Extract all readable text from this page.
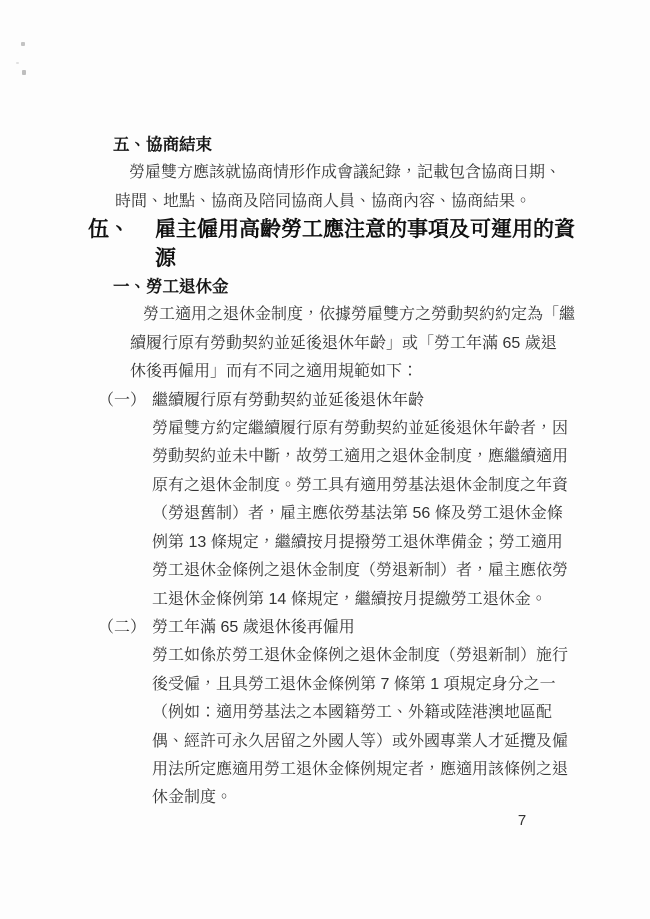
五、協商結束
勞雇雙方應該就協商情形作成會議紀錄，記載包含協商日期、
時間、地點、協商及陪同協商人員、協商內容、協商結果。
伍、	雇主僱用高齡勞工應注意的事項及可運用的資
源
一、勞工退休金
勞工適用之退休金制度，依據勞雇雙方之勞動契約約定為「繼
續履行原有勞動契約並延後退休年齡」或「勞工年滿 65 歲退
休後再僱用」而有不同之適用規範如下：
（一） 繼續履行原有勞動契約並延後退休年齡
勞雇雙方約定繼續履行原有勞動契約並延後退休年齡者，因
勞動契約並未中斷，故勞工適用之退休金制度，應繼續適用
原有之退休金制度。勞工具有適用勞基法退休金制度之年資
（勞退舊制）者，雇主應依勞基法第 56 條及勞工退休金條
例第 13 條規定，繼續按月提撥勞工退休準備金；勞工適用
勞工退休金條例之退休金制度（勞退新制）者，雇主應依勞
工退休金條例第 14 條規定，繼續按月提繳勞工退休金。
（二） 勞工年滿 65 歲退休後再僱用
勞工如係於勞工退休金條例之退休金制度（勞退新制）施行
後受僱，且具勞工退休金條例第 7 條第 1 項規定身分之一
（例如：適用勞基法之本國籍勞工、外籍或陸港澳地區配
偶、經許可永久居留之外國人等）或外國專業人才延攬及僱
用法所定應適用勞工退休金條例規定者，應適用該條例之退
休金制度。
7
